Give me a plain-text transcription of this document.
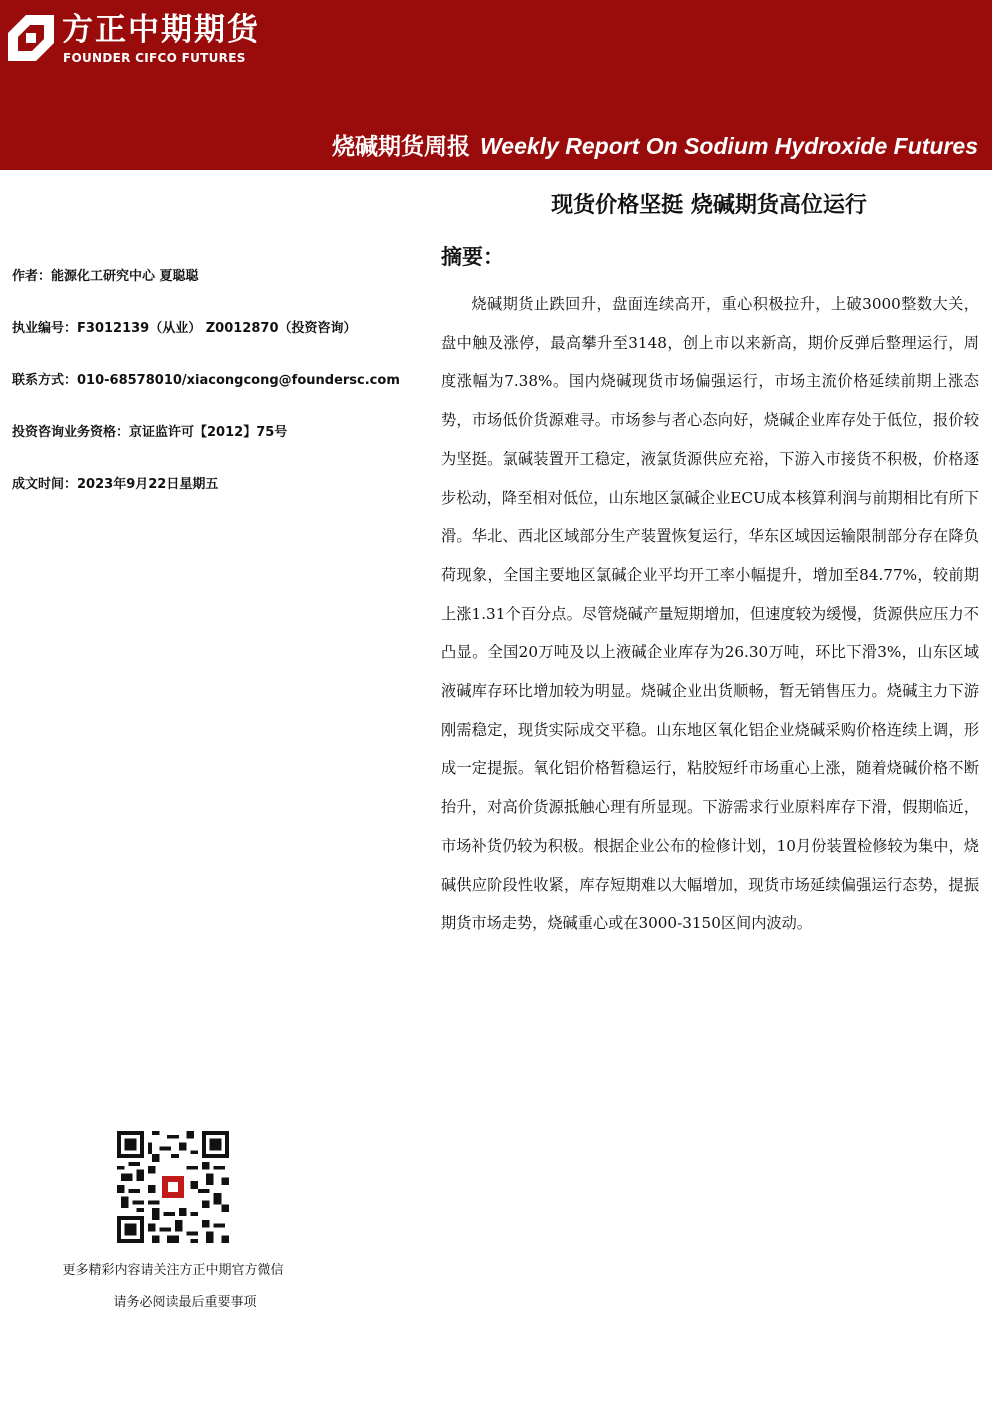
方正中期期货
FOUNDER CIFCO FUTURES
烧碱期货周报 Weekly Report On Sodium Hydroxide Futures
现货价格坚挺 烧碱期货高位运行
作者： 能源化工研究中心 夏聪聪
执业编号： F3012139（从业） Z0012870（投资咨询）
联系方式： 010-68578010/xiacongcong@foundersc.com
投资咨询业务资格： 京证监许可【2012】75号
成文时间： 2023年9月22日星期五
摘要：

烧碱期货止跌回升，盘面连续高开，重心积极拉升，上破3000整数大关，盘中触及涨停，最高攀升至3148，创上市以来新高，期价反弹后整理运行，周度涨幅为7.38%。国内烧碱现货市场偏强运行，市场主流价格延续前期上涨态势，市场低价货源难寻。市场参与者心态向好，烧碱企业库存处于低位，报价较为坚挺。氯碱装置开工稳定，液氯货源供应充裕，下游入市接货不积极，价格逐步松动，降至相对低位，山东地区氯碱企业ECU成本核算利润与前期相比有所下滑。华北、西北区域部分生产装置恢复运行，华东区域因运输限制部分存在降负荷现象，全国主要地区氯碱企业平均开工率小幅提升，增加至84.77%，较前期上涨1.31个百分点。尽管烧碱产量短期增加，但速度较为缓慢，货源供应压力不凸显。全国20万吨及以上液碱企业库存为26.30万吨，环比下滑3%，山东区域液碱库存环比增加较为明显。烧碱企业出货顺畅，暂无销售压力。烧碱主力下游刚需稳定，现货实际成交平稳。山东地区氧化铝企业烧碱采购价格连续上调，形成一定提振。氧化铝价格暂稳运行，粘胶短纤市场重心上涨，随着烧碱价格不断抬升，对高价货源抵触心理有所显现。下游需求行业原料库存下滑，假期临近，市场补货仍较为积极。根据企业公布的检修计划，10月份装置检修较为集中，烧碱供应阶段性收紧，库存短期难以大幅增加，现货市场延续偏强运行态势，提振期货市场走势，烧碱重心或在3000-3150区间内波动。

更多精彩内容请关注方正中期官方微信
请务必阅读最后重要事项
